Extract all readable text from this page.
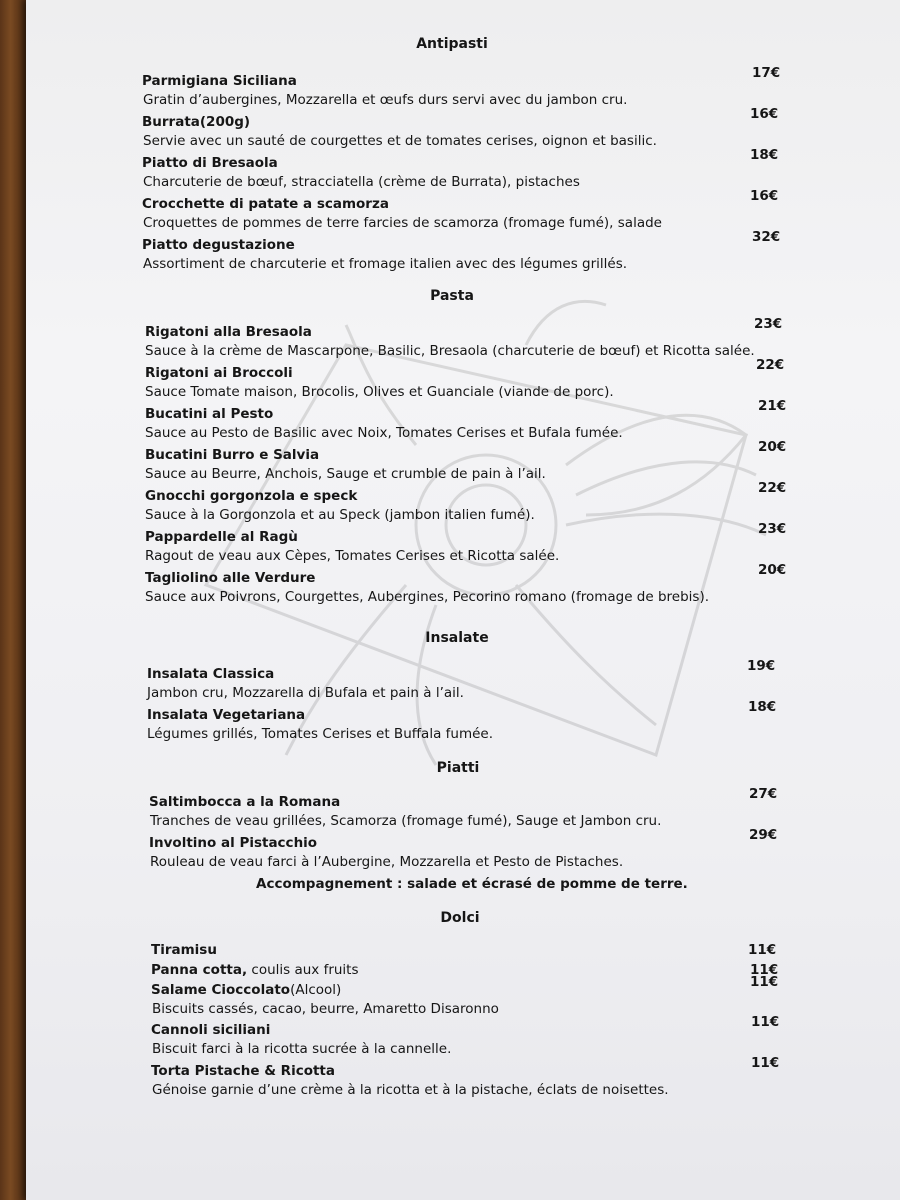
Antipasti
Parmigiana Siciliana	17€
Gratin d’aubergines, Mozzarella et œufs durs servi avec du jambon cru.
Burrata(200g)	16€
Servie avec un sauté de courgettes et de tomates cerises, oignon et basilic.
Piatto di Bresaola	18€
Charcuterie de bœuf, stracciatella (crème de Burrata), pistaches
Crocchette di patate a scamorza	16€
Croquettes de pommes de terre farcies de scamorza (fromage fumé), salade
Piatto degustazione	32€
Assortiment de charcuterie et fromage italien avec des légumes grillés.
Pasta
Rigatoni alla Bresaola	23€
Sauce à la crème de Mascarpone, Basilic, Bresaola (charcuterie de bœuf) et Ricotta salée.
Rigatoni ai Broccoli	22€
Sauce Tomate maison, Brocolis, Olives et Guanciale (viande de porc).
Bucatini al Pesto	21€
Sauce au Pesto de Basilic avec Noix, Tomates Cerises et Bufala fumée.
Bucatini Burro e Salvia	20€
Sauce au Beurre, Anchois, Sauge et crumble de pain à l’ail.
Gnocchi gorgonzola e speck	22€
Sauce à la Gorgonzola et au Speck (jambon italien fumé).
Pappardelle al Ragù	23€
Ragout de veau aux Cèpes, Tomates Cerises et Ricotta salée.
Tagliolino alle Verdure	20€
Sauce aux Poivrons, Courgettes, Aubergines, Pecorino romano (fromage de brebis).
Insalate
Insalata Classica	19€
Jambon cru, Mozzarella di Bufala et pain à l’ail.
Insalata Vegetariana	18€
Légumes grillés, Tomates Cerises et Buffala fumée.
Piatti
Saltimbocca a la Romana	27€
Tranches de veau grillées, Scamorza (fromage fumé), Sauge et Jambon cru.
Involtino al Pistacchio	29€
Rouleau de veau farci à l’Aubergine, Mozzarella et Pesto de Pistaches.
Accompagnement : salade et écrasé de pomme de terre.
Dolci
Tiramisu	11€
Panna cotta, coulis aux fruits	11€
Salame Cioccolato(Alcool)	11€
Biscuits cassés, cacao, beurre, Amaretto Disaronno
Cannoli siciliani	11€
Biscuit farci à la ricotta sucrée à la cannelle.
Torta Pistache & Ricotta	11€
Génoise garnie d’une crème à la ricotta et à la pistache, éclats de noisettes.
